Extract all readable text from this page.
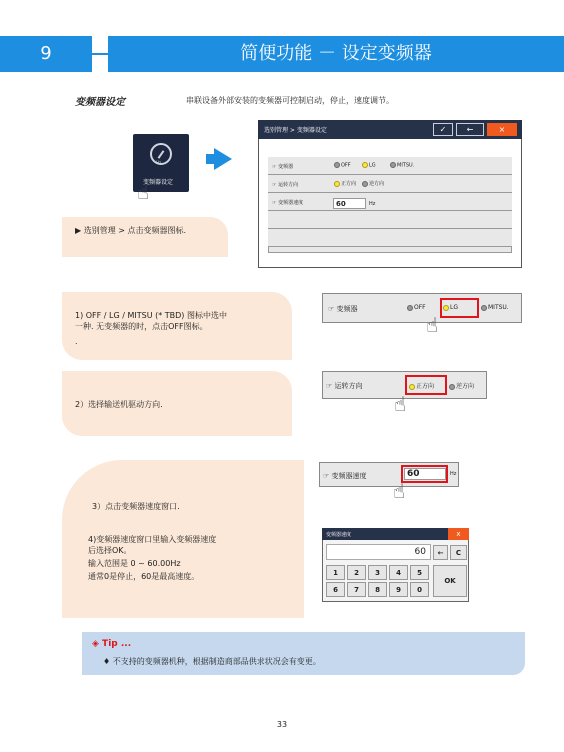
9	简便功能 － 设定变频器
变频器设定	串联设备外部安装的变频器可控制启动，停止，速度调节。
Hz
变频器设定
☝
选别管理 > 变频器设定	✓	←	×
☞ 变频器	OFF	LG	MITSU.
☞ 运转方向	正方向	逆方向
☞ 变频器速度	60	Hz
▶ 选别管理 > 点击变频器图标.
1) OFF / LG / MITSU (* TBD) 图标中选中
一种. 无变频器的时，点击OFF图标。
.
2）选择输送机驱动方向.
3）点击变频器速度窗口.
4)变频器速度窗口里输入变频器速度
后选择OK。
输入范围是 0 ~ 60.00Hz
通常0是停止，60是最高速度。
☞ 变频器	OFF	LG	MITSU.
☝
☞ 运转方向	正方向	逆方向
☝
☞ 变频器速度	60	Hz
☝
变频器速度	x
60	←	C
1	2	3	4	5
OK
6	7	8	9	0
◈ Tip ...
♦ 不支持的变频器机种，根据制造商部品供求状况会有变更。
33
